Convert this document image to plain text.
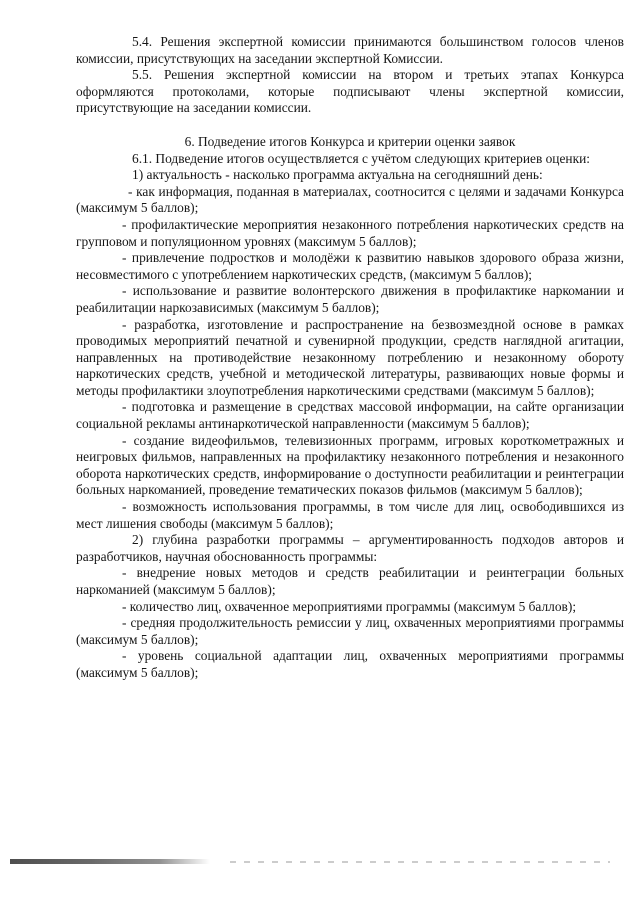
5.4. Решения экспертной комиссии принимаются большинством голосов членов комиссии, присутствующих на заседании экспертной Комиссии.

5.5. Решения экспертной комиссии на втором и третьих этапах Конкурса оформляются протоколами, которые подписывают члены экспертной комиссии, присутствующие на заседании комиссии.

6. Подведение итогов Конкурса и критерии оценки заявок

6.1. Подведение итогов осуществляется с учётом следующих критериев оценки:

1) актуальность - насколько программа актуальна на сегодняшний день:

- как информация, поданная в материалах, соотносится с целями и задачами Конкурса (максимум 5 баллов);

- профилактические мероприятия незаконного потребления наркотических средств на групповом и популяционном уровнях (максимум 5 баллов);

- привлечение подростков и молодёжи к развитию навыков здорового образа жизни, несовместимого с употреблением наркотических средств, (максимум 5 баллов);

- использование и развитие волонтерского движения в профилактике наркомании и реабилитации наркозависимых (максимум 5 баллов);

- разработка, изготовление и распространение на безвозмездной основе в рамках проводимых мероприятий печатной и сувенирной продукции, средств наглядной агитации, направленных на противодействие незаконному потреблению и незаконному обороту наркотических средств, учебной и методической литературы, развивающих новые формы и методы профилактики злоупотребления наркотическими средствами (максимум 5 баллов);

- подготовка и размещение в средствах массовой информации, на сайте организации социальной рекламы антинаркотической направленности (максимум 5 баллов);

- создание видеофильмов, телевизионных программ, игровых короткометражных и неигровых фильмов, направленных на профилактику незаконного потребления и незаконного оборота наркотических средств, информирование о доступности реабилитации и реинтеграции больных наркоманией, проведение тематических показов фильмов (максимум 5 баллов);

- возможность использования программы, в том числе для лиц, освободившихся из мест лишения свободы (максимум 5 баллов);

2) глубина разработки программы – аргументированность подходов авторов и разработчиков, научная обоснованность программы:

- внедрение новых методов и средств реабилитации и реинтеграции больных наркоманией (максимум 5 баллов);

- количество лиц, охваченное мероприятиями программы (максимум 5 баллов);

- средняя продолжительность ремиссии у лиц, охваченных мероприятиями программы (максимум 5 баллов);

- уровень социальной адаптации лиц, охваченных мероприятиями программы (максимум 5 баллов);
